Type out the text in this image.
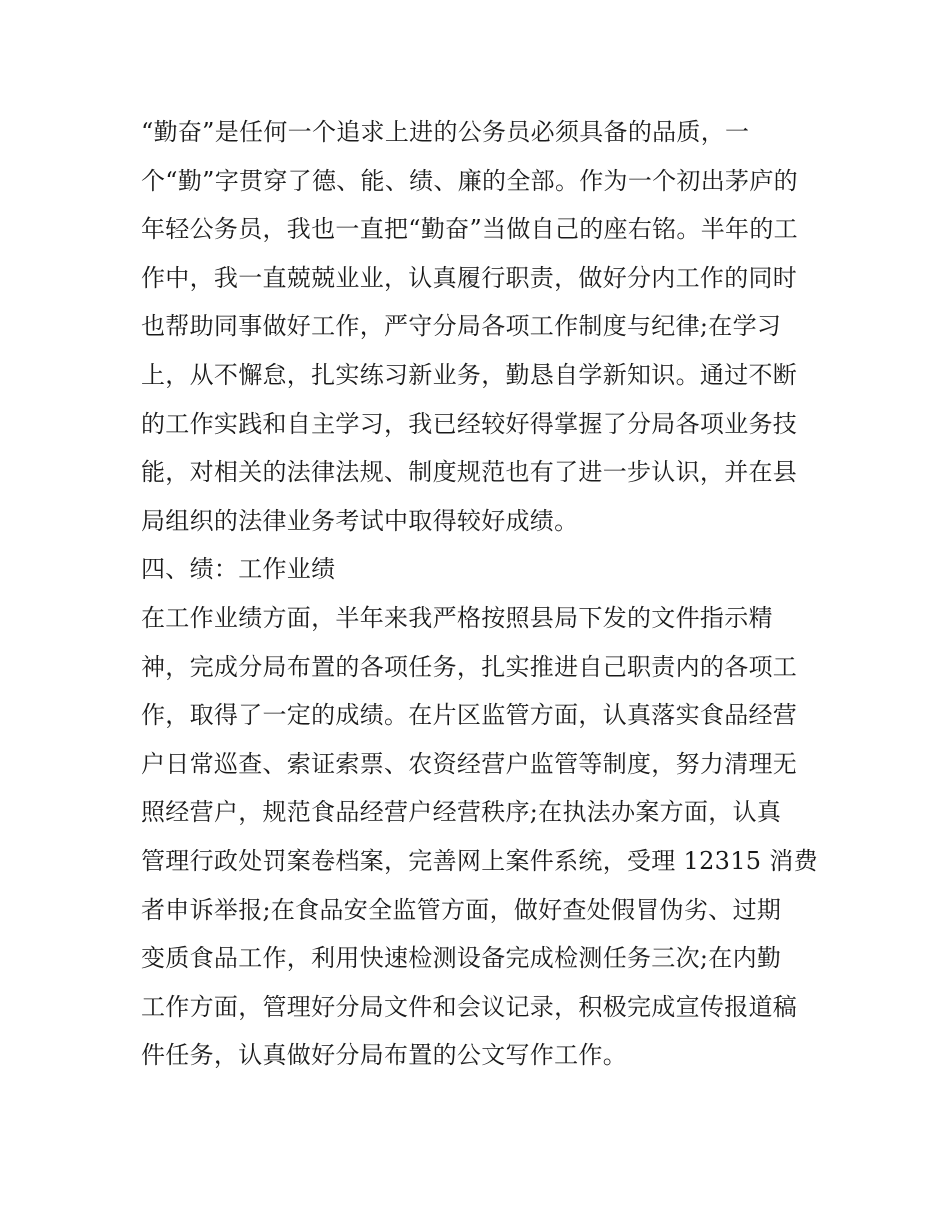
“勤奋”是任何一个追求上进的公务员必须具备的品质，一
个“勤”字贯穿了德、能、绩、廉的全部。作为一个初出茅庐的
年轻公务员，我也一直把“勤奋”当做自己的座右铭。半年的工
作中，我一直兢兢业业，认真履行职责，做好分内工作的同时
也帮助同事做好工作，严守分局各项工作制度与纪律;在学习
上，从不懈怠，扎实练习新业务，勤恳自学新知识。通过不断
的工作实践和自主学习，我已经较好得掌握了分局各项业务技
能，对相关的法律法规、制度规范也有了进一步认识，并在县
局组织的法律业务考试中取得较好成绩。
四、绩：工作业绩
在工作业绩方面，半年来我严格按照县局下发的文件指示精
神，完成分局布置的各项任务，扎实推进自己职责内的各项工
作，取得了一定的成绩。在片区监管方面，认真落实食品经营
户日常巡查、索证索票、农资经营户监管等制度，努力清理无
照经营户，规范食品经营户经营秩序;在执法办案方面，认真
管理行政处罚案卷档案，完善网上案件系统，受理 12315 消费
者申诉举报;在食品安全监管方面，做好查处假冒伪劣、过期
变质食品工作，利用快速检测设备完成检测任务三次;在内勤
工作方面，管理好分局文件和会议记录，积极完成宣传报道稿
件任务，认真做好分局布置的公文写作工作。
